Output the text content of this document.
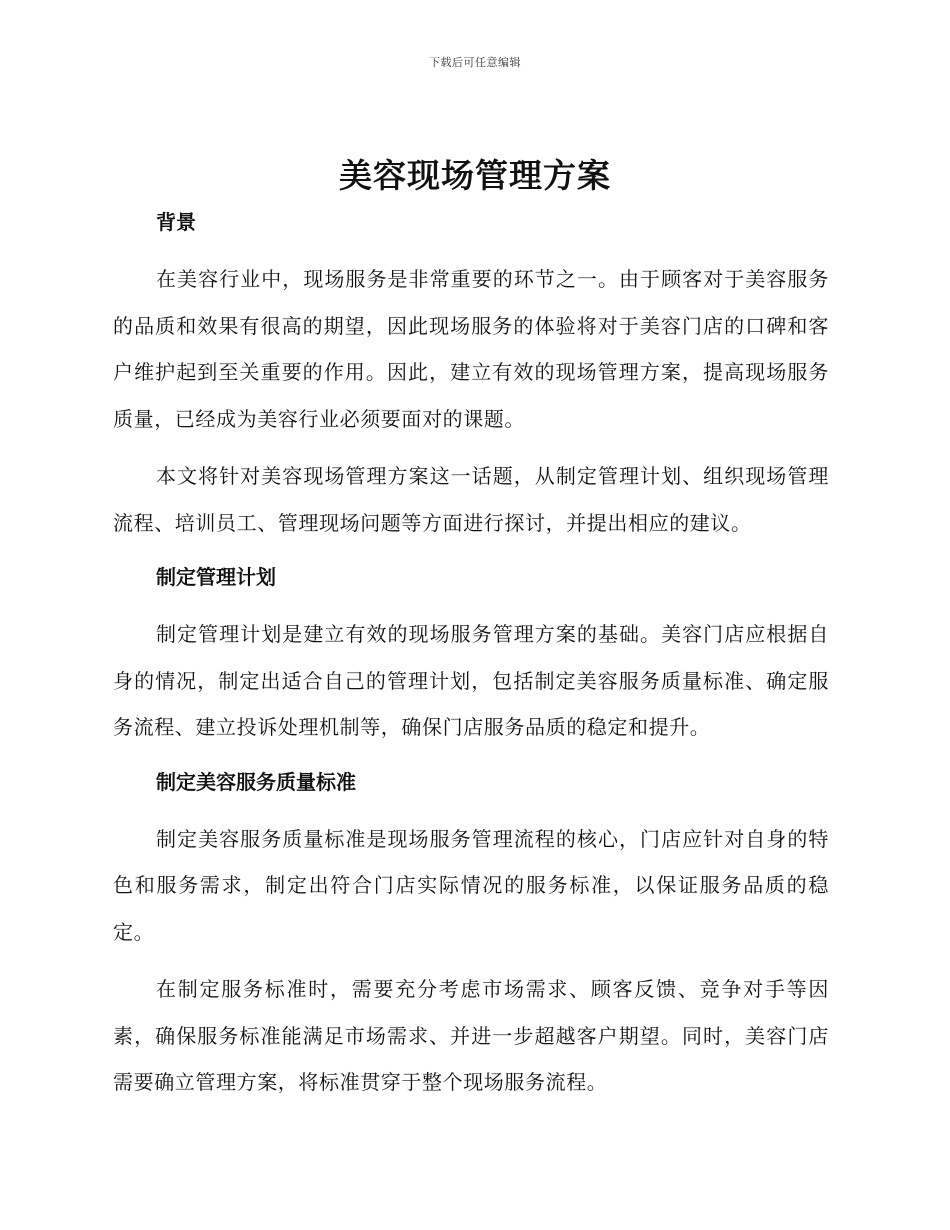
下载后可任意编辑
美容现场管理方案
背景

在美容行业中，现场服务是非常重要的环节之一。由于顾客对于美容服务的品质和效果有很高的期望，因此现场服务的体验将对于美容门店的口碑和客户维护起到至关重要的作用。因此，建立有效的现场管理方案，提高现场服务质量，已经成为美容行业必须要面对的课题。

本文将针对美容现场管理方案这一话题，从制定管理计划、组织现场管理流程、培训员工、管理现场问题等方面进行探讨，并提出相应的建议。

制定管理计划

制定管理计划是建立有效的现场服务管理方案的基础。美容门店应根据自身的情况，制定出适合自己的管理计划，包括制定美容服务质量标准、确定服务流程、建立投诉处理机制等，确保门店服务品质的稳定和提升。

制定美容服务质量标准

制定美容服务质量标准是现场服务管理流程的核心，门店应针对自身的特色和服务需求，制定出符合门店实际情况的服务标准，以保证服务品质的稳定。

在制定服务标准时，需要充分考虑市场需求、顾客反馈、竞争对手等因素，确保服务标准能满足市场需求、并进一步超越客户期望。同时，美容门店需要确立管理方案，将标准贯穿于整个现场服务流程。
